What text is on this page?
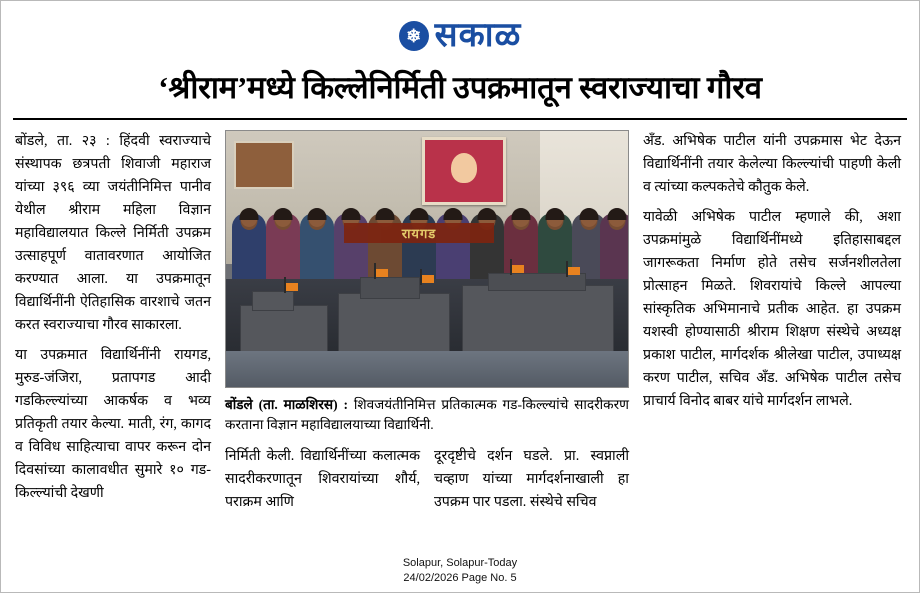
❄ सकाळ
‘श्रीराम’मध्ये किल्लेनिर्मिती उपक्रमातून स्वराज्याचा गौरव

बोंडले, ता. २३ : हिंदवी स्वराज्याचे संस्थापक छत्रपती शिवाजी महाराज यांच्या ३९६ व्या जयंतीनिमित्त पानीव येथील श्रीराम महिला विज्ञान महाविद्यालयात किल्ले निर्मिती उपक्रम उत्साहपूर्ण वातावरणात आयोजित करण्यात आला. या उपक्रमातून विद्यार्थिनींनी ऐतिहासिक वारशाचे जतन करत स्वराज्याचा गौरव साकारला.

या उपक्रमात विद्यार्थिनींनी रायगड, मुरुड-जंजिरा, प्रतापगड आदी गडकिल्ल्यांच्या आकर्षक व भव्य प्रतिकृती तयार केल्या. माती, रंग, कागद व विविध साहित्याचा वापर करून दोन दिवसांच्या कालावधीत सुमारे १० गड-किल्ल्यांची देखणी

रायगड
बोंडले (ता. माळशिरस) : शिवजयंतीनिमित्त प्रतिकात्मक गड-किल्ल्यांचे सादरीकरण करताना विज्ञान महाविद्यालयाच्या विद्यार्थिनी.
निर्मिती केली. विद्यार्थिनींच्या कलात्मक सादरीकरणातून शिवरायांच्या शौर्य, पराक्रम आणि
दूरदृष्टीचे दर्शन घडले. प्रा. स्वप्नाली चव्हाण यांच्या मार्गदर्शनाखाली हा उपक्रम पार पडला. संस्थेचे सचिव

अँड. अभिषेक पाटील यांनी उपक्रमास भेट देऊन विद्यार्थिनींनी तयार केलेल्या किल्ल्यांची पाहणी केली व त्यांच्या कल्पकतेचे कौतुक केले.

यावेळी अभिषेक पाटील म्हणाले की, अशा उपक्रमांमुळे विद्यार्थिनींमध्ये इतिहासाबद्दल जागरूकता निर्माण होते तसेच सर्जनशीलतेला प्रोत्साहन मिळते. शिवरायांचे किल्ले आपल्या सांस्कृतिक अभिमानाचे प्रतीक आहेत. हा उपक्रम यशस्वी होण्यासाठी श्रीराम शिक्षण संस्थेचे अध्यक्ष प्रकाश पाटील, मार्गदर्शक श्रीलेखा पाटील, उपाध्यक्ष करण पाटील, सचिव अँड. अभिषेक पाटील तसेच प्राचार्य विनोद बाबर यांचे मार्गदर्शन लाभले.

Solapur, Solapur-Today
24/02/2026 Page No. 5
